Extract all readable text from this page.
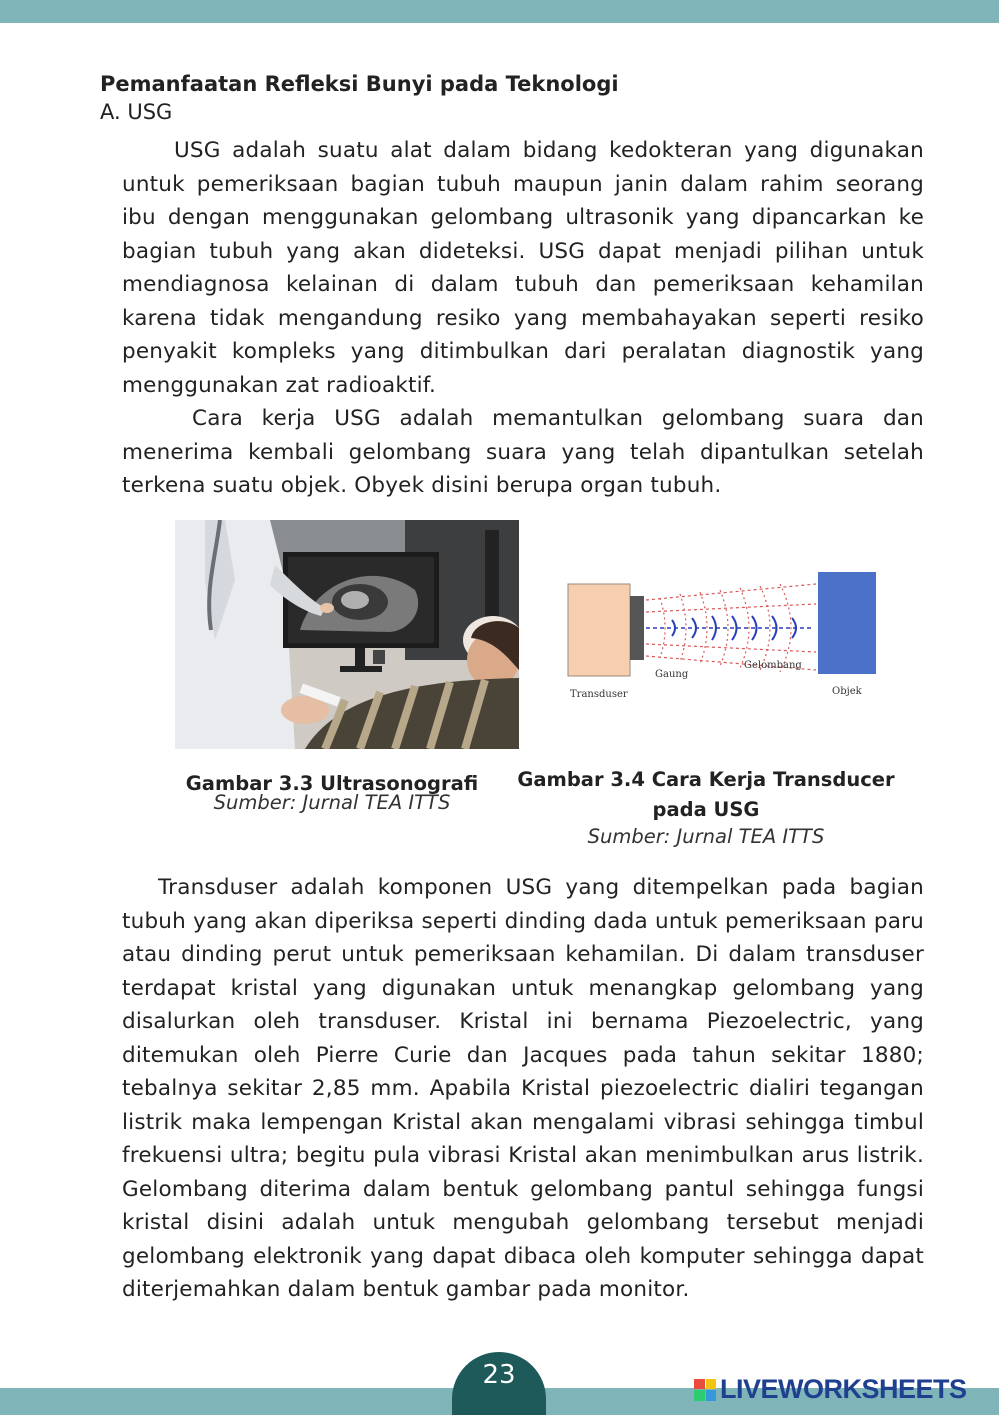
Pemanfaatan Refleksi Bunyi pada Teknologi
A. USG

USG adalah suatu alat dalam bidang kedokteran yang digunakan untuk pemeriksaan bagian tubuh maupun janin dalam rahim seorang ibu dengan menggunakan gelombang ultrasonik yang dipancarkan ke bagian tubuh yang akan dideteksi. USG dapat menjadi pilihan untuk mendiagnosa kelainan di dalam tubuh dan pemeriksaan kehamilan karena tidak mengandung resiko yang membahayakan seperti resiko penyakit kompleks yang ditimbulkan dari peralatan diagnostik yang menggunakan zat radioaktif.

Cara kerja USG adalah memantulkan gelombang suara dan menerima kembali gelombang suara yang telah dipantulkan setelah terkena suatu objek. Obyek disini berupa organ tubuh.

Transduser
Gaung
Gelombang
Objek
Gambar 3.3 Ultrasonografi
Sumber: Jurnal TEA ITTS
Gambar 3.4 Cara Kerja Transducer
pada USG
Sumber: Jurnal TEA ITTS

Transduser adalah komponen USG yang ditempelkan pada bagian tubuh yang akan diperiksa seperti dinding dada untuk pemeriksaan paru atau dinding perut untuk pemeriksaan kehamilan. Di dalam transduser terdapat kristal yang digunakan untuk menangkap gelombang yang disalurkan oleh transduser. Kristal ini bernama Piezoelectric, yang ditemukan oleh Pierre Curie dan Jacques pada tahun sekitar 1880; tebalnya sekitar 2,85 mm. Apabila Kristal piezoelectric dialiri tegangan listrik maka lempengan Kristal akan mengalami vibrasi sehingga timbul frekuensi ultra; begitu pula vibrasi Kristal akan menimbulkan arus listrik. Gelombang diterima dalam bentuk gelombang pantul sehingga fungsi kristal disini adalah untuk mengubah gelombang tersebut menjadi gelombang elektronik yang dapat dibaca oleh komputer sehingga dapat diterjemahkan dalam bentuk gambar pada monitor.

23	LIVEWORKSHEETS
